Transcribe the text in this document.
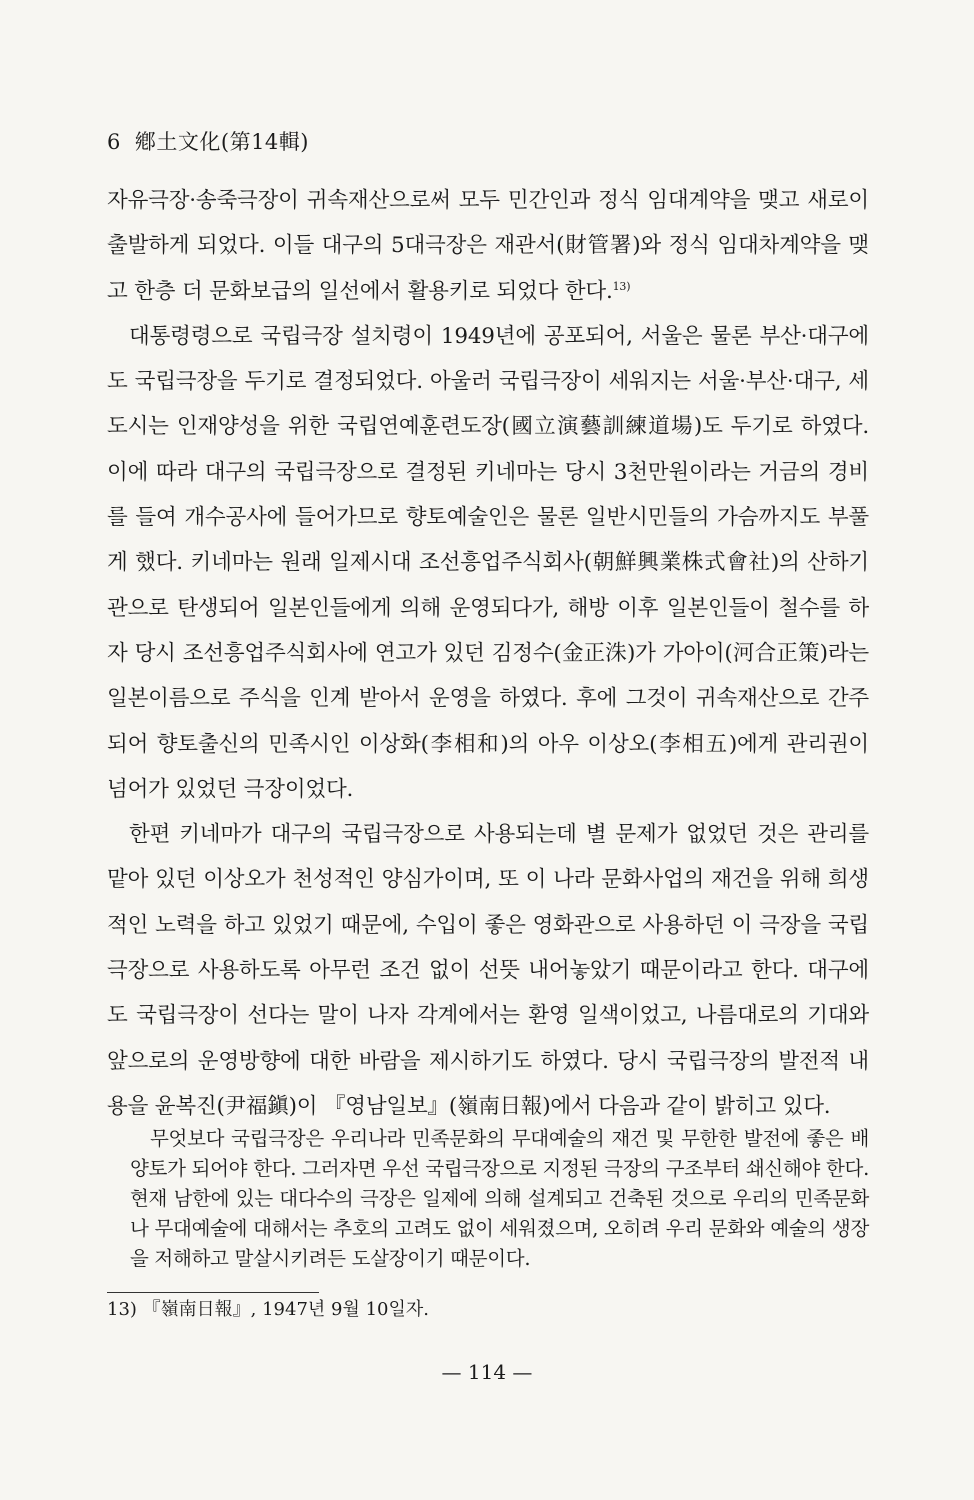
6 鄕土文化(第14輯)

자유극장·송죽극장이 귀속재산으로써 모두 민간인과 정식 임대계약을 맺고 새로이 출발하게 되었다. 이들 대구의 5대극장은 재관서(財管署)와 정식 임대차계약을 맺고 한층 더 문화보급의 일선에서 활용키로 되었다 한다.$^{13)}$

대통령령으로 국립극장 설치령이 1949년에 공포되어, 서울은 물론 부산·대구에도 국립극장을 두기로 결정되었다. 아울러 국립극장이 세워지는 서울·부산·대구, 세 도시는 인재양성을 위한 국립연예훈련도장(國立演藝訓練道場)도 두기로 하였다. 이에 따라 대구의 국립극장으로 결정된 키네마는 당시 3천만원이라는 거금의 경비를 들여 개수공사에 들어가므로 향토예술인은 물론 일반시민들의 가슴까지도 부풀게 했다. 키네마는 원래 일제시대 조선흥업주식회사(朝鮮興業株式會社)의 산하기관으로 탄생되어 일본인들에게 의해 운영되다가, 해방 이후 일본인들이 철수를 하자 당시 조선흥업주식회사에 연고가 있던 김정수(金正洙)가 가아이(河合正策)라는 일본이름으로 주식을 인계 받아서 운영을 하였다. 후에 그것이 귀속재산으로 간주되어 향토출신의 민족시인 이상화(李相和)의 아우 이상오(李相五)에게 관리권이 넘어가 있었던 극장이었다.

한편 키네마가 대구의 국립극장으로 사용되는데 별 문제가 없었던 것은 관리를 맡아 있던 이상오가 천성적인 양심가이며, 또 이 나라 문화사업의 재건을 위해 희생적인 노력을 하고 있었기 때문에, 수입이 좋은 영화관으로 사용하던 이 극장을 국립극장으로 사용하도록 아무런 조건 없이 선뜻 내어놓았기 때문이라고 한다. 대구에도 국립극장이 선다는 말이 나자 각계에서는 환영 일색이었고, 나름대로의 기대와 앞으로의 운영방향에 대한 바람을 제시하기도 하였다. 당시 국립극장의 발전적 내용을 윤복진(尹福鎭)이 『영남일보』(嶺南日報)에서 다음과 같이 밝히고 있다.

무엇보다 국립극장은 우리나라 민족문화의 무대예술의 재건 및 무한한 발전에 좋은 배양토가 되어야 한다. 그러자면 우선 국립극장으로 지정된 극장의 구조부터 쇄신해야 한다. 현재 남한에 있는 대다수의 극장은 일제에 의해 설계되고 건축된 것으로 우리의 민족문화나 무대예술에 대해서는 추호의 고려도 없이 세워졌으며, 오히려 우리 문화와 예술의 생장을 저해하고 말살시키려든 도살장이기 때문이다.
13) 『嶺南日報』, 1947년 9월 10일자.
— 114 —
